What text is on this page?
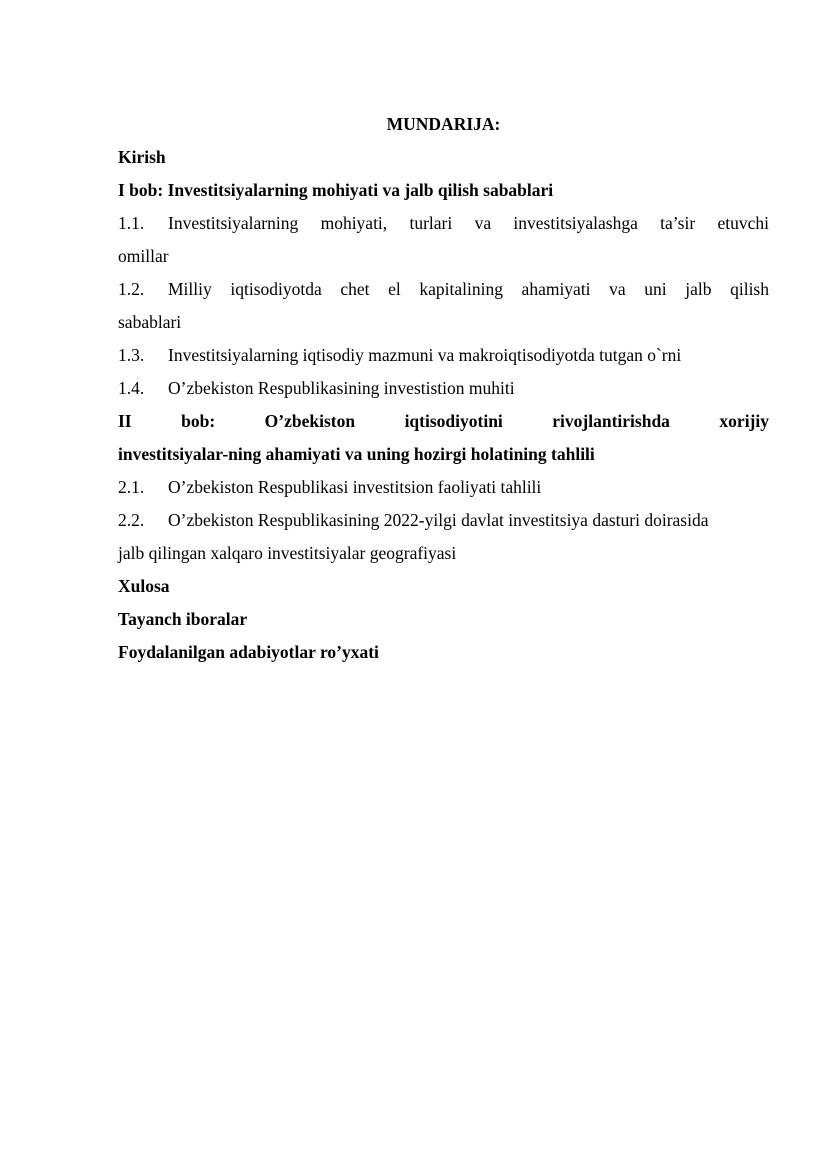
MUNDARIJA:
Kirish
I bob: Investitsiyalarning mohiyati va jalb qilish sabablari
1.1.	Investitsiyalarning mohiyati, turlari va investitsiyalashga ta’sir etuvchi
omillar
1.2.	Milliy iqtisodiyotda chet el kapitalining ahamiyati va uni jalb qilish
sabablari
1.3.	Investitsiyalarning iqtisodiy mazmuni va makroiqtisodiyotda tutgan o`rni
1.4.	O’zbekiston Respublikasining investistion muhiti
II bob: O’zbekiston iqtisodiyotini rivojlantirishda xorijiy
investitsiyalar-ning ahamiyati va uning hozirgi holatining tahlili
2.1.	O’zbekiston Respublikasi investitsion faoliyati tahlili
2.2.	O’zbekiston Respublikasining 2022-yilgi davlat investitsiya dasturi doirasida
jalb qilingan xalqaro investitsiyalar geografiyasi
Xulosa
Tayanch iboralar
Foydalanilgan adabiyotlar ro’yxati
